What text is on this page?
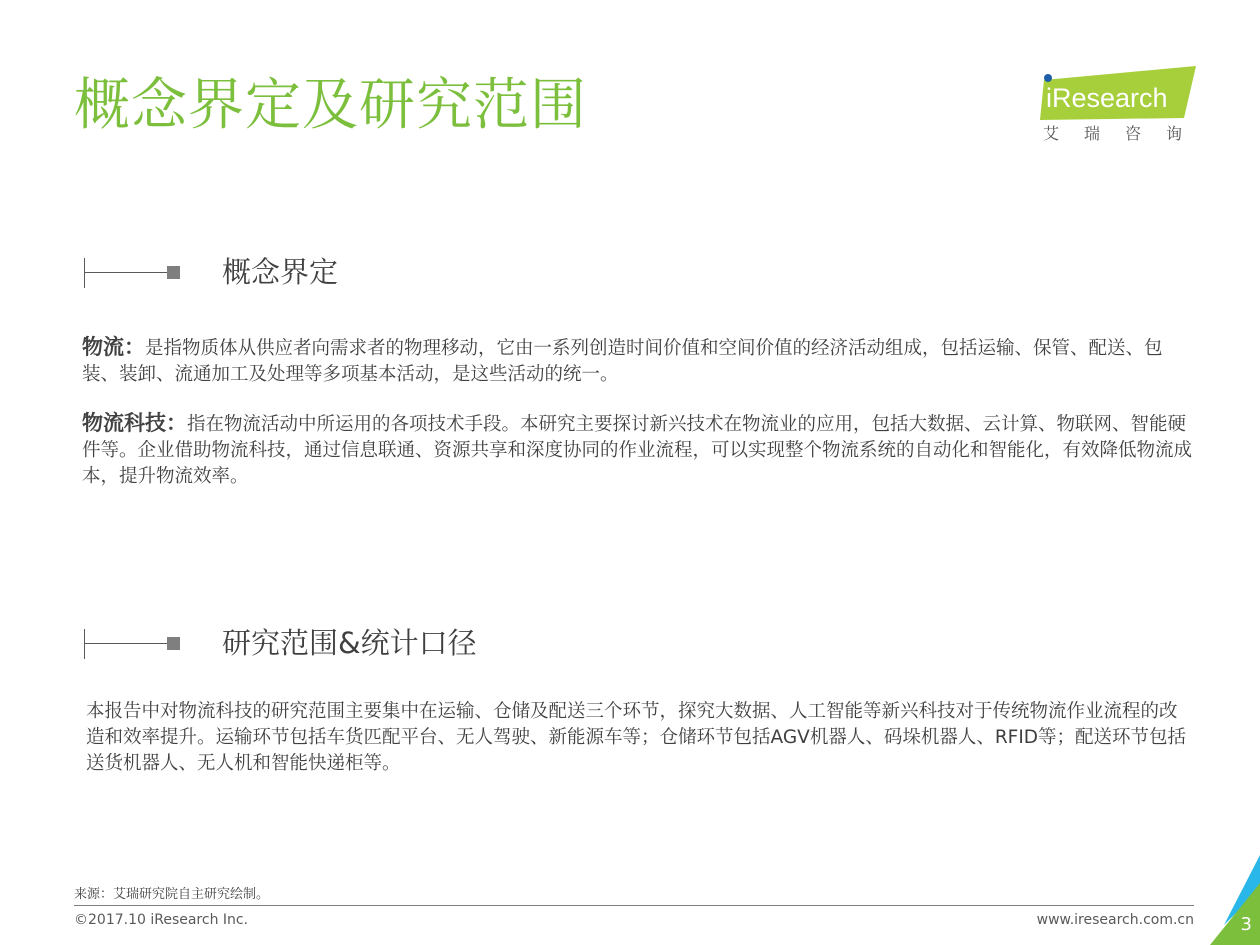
概念界定及研究范围	iResearch
艾瑞咨询
概念界定
物流：是指物质体从供应者向需求者的物理移动，它由一系列创造时间价值和空间价值的经济活动组成，包括运输、保管、配送、包装、装卸、流通加工及处理等多项基本活动，是这些活动的统一。
物流科技：指在物流活动中所运用的各项技术手段。本研究主要探讨新兴技术在物流业的应用，包括大数据、云计算、物联网、智能硬件等。企业借助物流科技，通过信息联通、资源共享和深度协同的作业流程，可以实现整个物流系统的自动化和智能化，有效降低物流成本，提升物流效率。
研究范围&统计口径
本报告中对物流科技的研究范围主要集中在运输、仓储及配送三个环节，探究大数据、人工智能等新兴科技对于传统物流作业流程的改造和效率提升。运输环节包括车货匹配平台、无人驾驶、新能源车等；仓储环节包括AGV机器人、码垛机器人、RFID等；配送环节包括送货机器人、无人机和智能快递柜等。
来源：艾瑞研究院自主研究绘制。
©2017.10 iResearch Inc.	www.iresearch.com.cn	3
